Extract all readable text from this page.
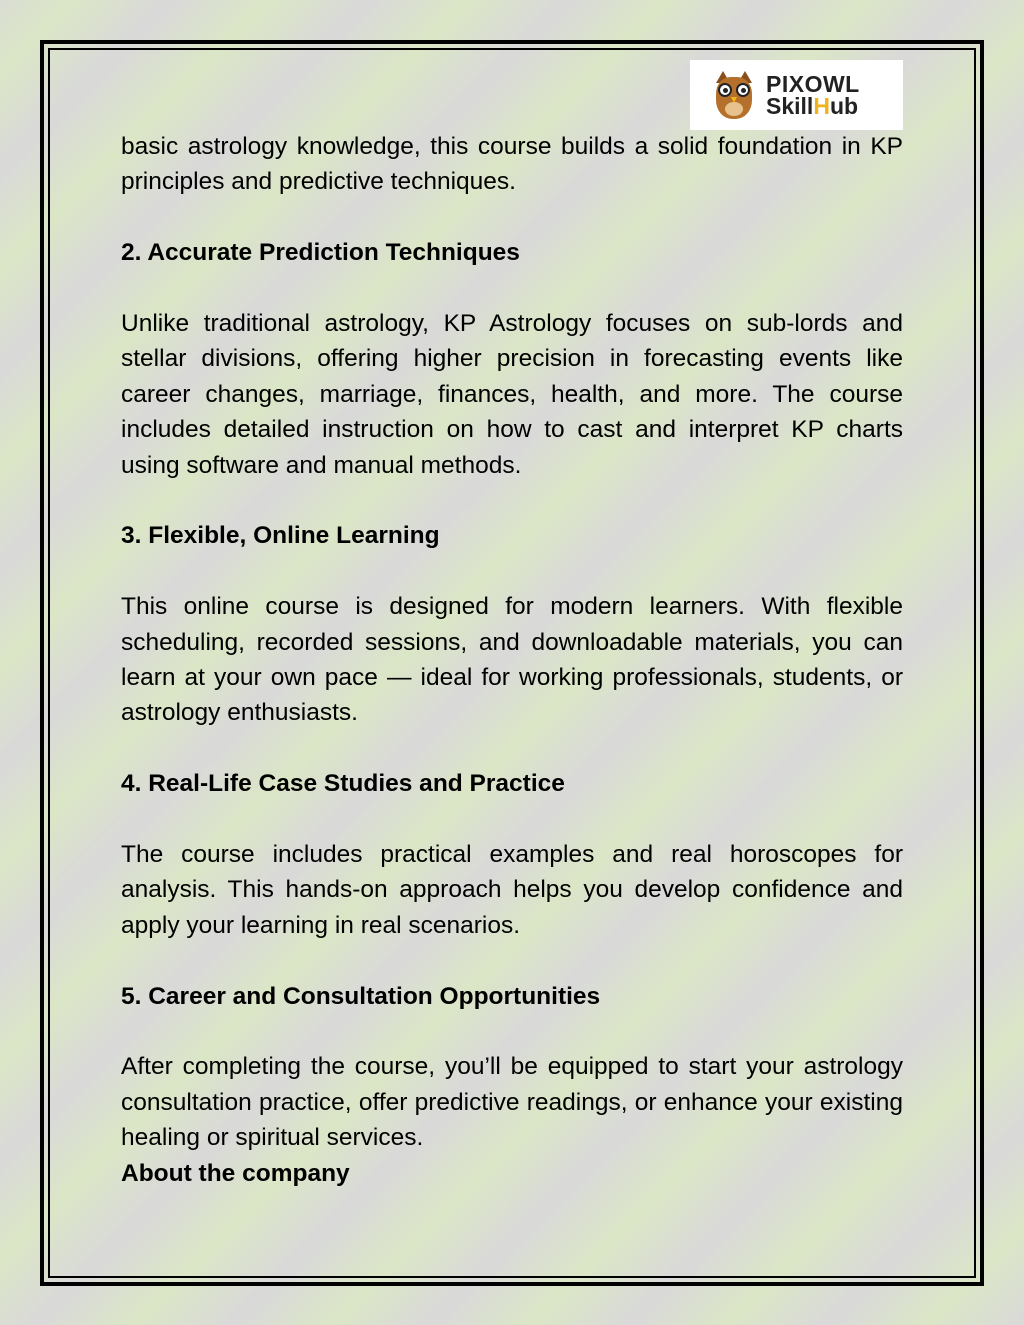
PIXOWL
SkillHub

basic astrology knowledge, this course builds a solid foundation in KP principles and predictive techniques.

2. Accurate Prediction Techniques

Unlike traditional astrology, KP Astrology focuses on sub-lords and stellar divisions, offering higher precision in forecasting events like career changes, marriage, finances, health, and more. The course includes detailed instruction on how to cast and interpret KP charts using software and manual methods.

3. Flexible, Online Learning

This online course is designed for modern learners. With flexible scheduling, recorded sessions, and downloadable materials, you can learn at your own pace — ideal for working professionals, students, or astrology enthusiasts.

4. Real-Life Case Studies and Practice

The course includes practical examples and real horoscopes for analysis. This hands-on approach helps you develop confidence and apply your learning in real scenarios.

5. Career and Consultation Opportunities

After completing the course, you’ll be equipped to start your astrology consultation practice, offer predictive readings, or enhance your existing healing or spiritual services.

About the company
